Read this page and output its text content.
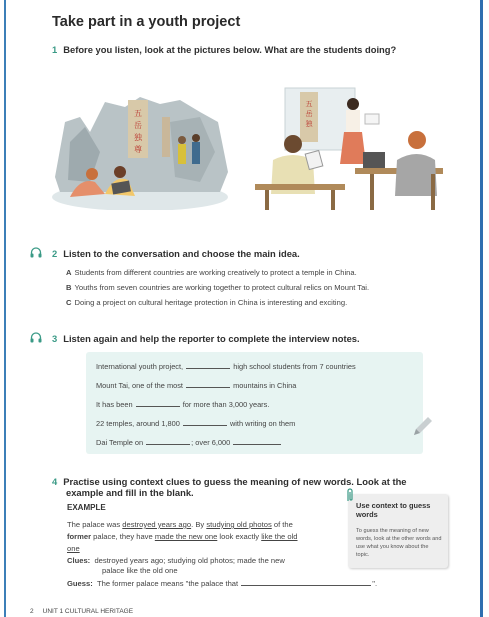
Take part in a youth project
1 Before you listen, look at the pictures below. What are the students doing?
五
岳
独
尊
五
岳
独
2 Listen to the conversation and choose the main idea.
A Students from different countries are working creatively to protect a temple in China.
B Youths from seven countries are working together to protect cultural relics on Mount Tai.
C Doing a project on cultural heritage protection in China is interesting and exciting.
3 Listen again and help the reporter to complete the interview notes.
International youth project,	high school students from 7 countries
Mount Tai, one of the most	mountains in China
It has been	for more than 3,000 years.
22 temples, around 1,800	with writing on them
Dai Temple on	; over 6,000
4 Practise using context clues to guess the meaning of new words. Look at the
example and fill in the blank.
EXAMPLE
The palace was destroyed years ago. By studying old photos of the
former palace, they have made the new one look exactly like the old
one
Clues: destroyed years ago; studying old photos; made the new
palace like the old one
Guess: The former palace means "the palace that	".
Use context to guess words
To guess the meaning of new words, look at the other words and use what you know about the topic.
2 UNIT 1 CULTURAL HERITAGE
